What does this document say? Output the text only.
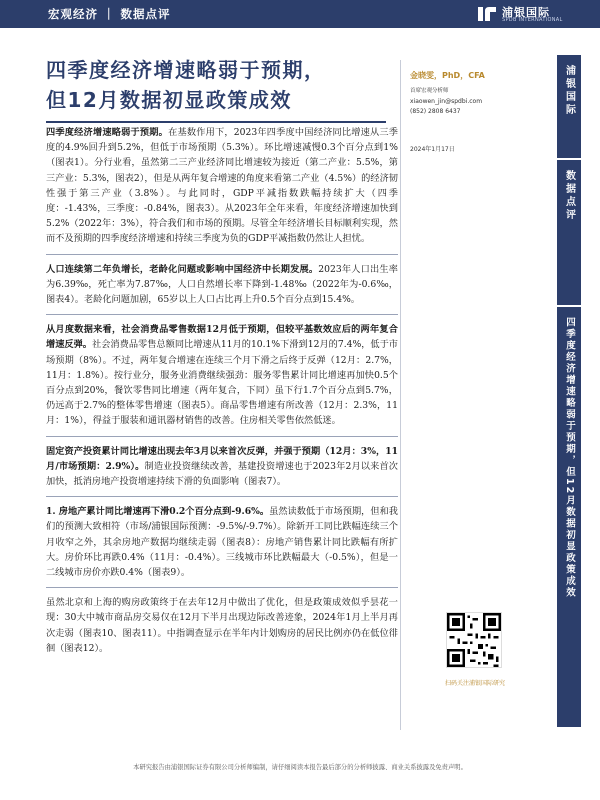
宏观经济 ｜ 数据点评	浦银国际
SPDB INTERNATIONAL
四季度经济增速略弱于预期，
但12月数据初显政策成效
金晓雯，PhD，CFA
首席宏观分析师
xiaowen_jin@spdbi.com
(852) 2808 6437
2024年1月17日
浦银国际
数据点评
四季度经济增速略弱于预期，但12月数据初显政策成效

四季度经济增速略弱于预期。在基数作用下，2023年四季度中国经济同比增速从三季度的4.9%回升到5.2%，但低于市场预期（5.3%）。环比增速减慢0.3个百分点到1%（图表1）。分行业看，虽然第二三产业经济同比增速较为接近（第二产业：5.5%，第三产业：5.3%，图表2），但是从两年复合增速的角度来看第二产业（4.5%）的经济韧性强于第三产业（3.8%）。与此同时，GDP平减指数跌幅持续扩大（四季度：-1.43%，三季度：-0.84%，图表3）。从2023年全年来看，年度经济增速加快到5.2%（2022年：3%），符合我们和市场的预期。尽管全年经济增长目标顺利实现，然而不及预期的四季度经济增速和持续三季度为负的GDP平减指数仍然让人担忧。

人口连续第二年负增长，老龄化问题或影响中国经济中长期发展。2023年人口出生率为6.39‰，死亡率为7.87‰，人口自然增长率下降到-1.48‰（2022年为-0.6‰，图表4）。老龄化问题加剧，65岁以上人口占比再上升0.5个百分点到15.4%。

从月度数据来看，社会消费品零售数据12月低于预期，但较平基数效应后的两年复合增速反弹。社会消费品零售总额同比增速从11月的10.1%下滑到12月的7.4%，低于市场预期（8%）。不过，两年复合增速在连续三个月下滑之后终于反弹（12月：2.7%，11月：1.8%）。按行业分，服务业消费继续强劲：服务零售累计同比增速再加快0.5个百分点到20%，餐饮零售同比增速（两年复合，下同）虽下行1.7个百分点到5.7%，仍远高于2.7%的整体零售增速（图表5）。商品零售增速有所改善（12月：2.3%，11月：1%），得益于服装和通讯器材销售的改善。住房相关零售依然低迷。

固定资产投资累计同比增速出现去年3月以来首次反弹，并强于预期（12月：3%，11月/市场预期：2.9%）。制造业投资继续改善，基建投资增速也于2023年2月以来首次加快，抵消房地产投资增速持续下滑的负面影响（图表7）。

1. 房地产累计同比增速再下滑0.2个百分点到-9.6%。虽然读数低于市场预期，但和我们的预测大致相符（市场/浦银国际预测：-9.5%/-9.7%）。除新开工同比跌幅连续三个月收窄之外，其余房地产数据均继续走弱（图表8）：房地产销售累计同比跌幅有所扩大。房价环比再跌0.4%（11月：-0.4%）。三线城市环比跌幅最大（-0.5%），但是一二线城市房价亦跌0.4%（图表9）。

虽然北京和上海的购房政策终于在去年12月中做出了优化，但是政策成效似乎昙花一现：30大中城市商品房交易仅在12月下半月出现边际改善迹象，2024年1月上半月再次走弱（图表10、图表11）。中指调查显示在半年内计划购房的居民比例亦仍在低位徘徊（图表12）。

扫码关注浦银国际研究
本研究报告由浦银国际证券有限公司分析师编制，请仔细阅读本报告最后部分的分析师披露、商业关系披露及免责声明。
